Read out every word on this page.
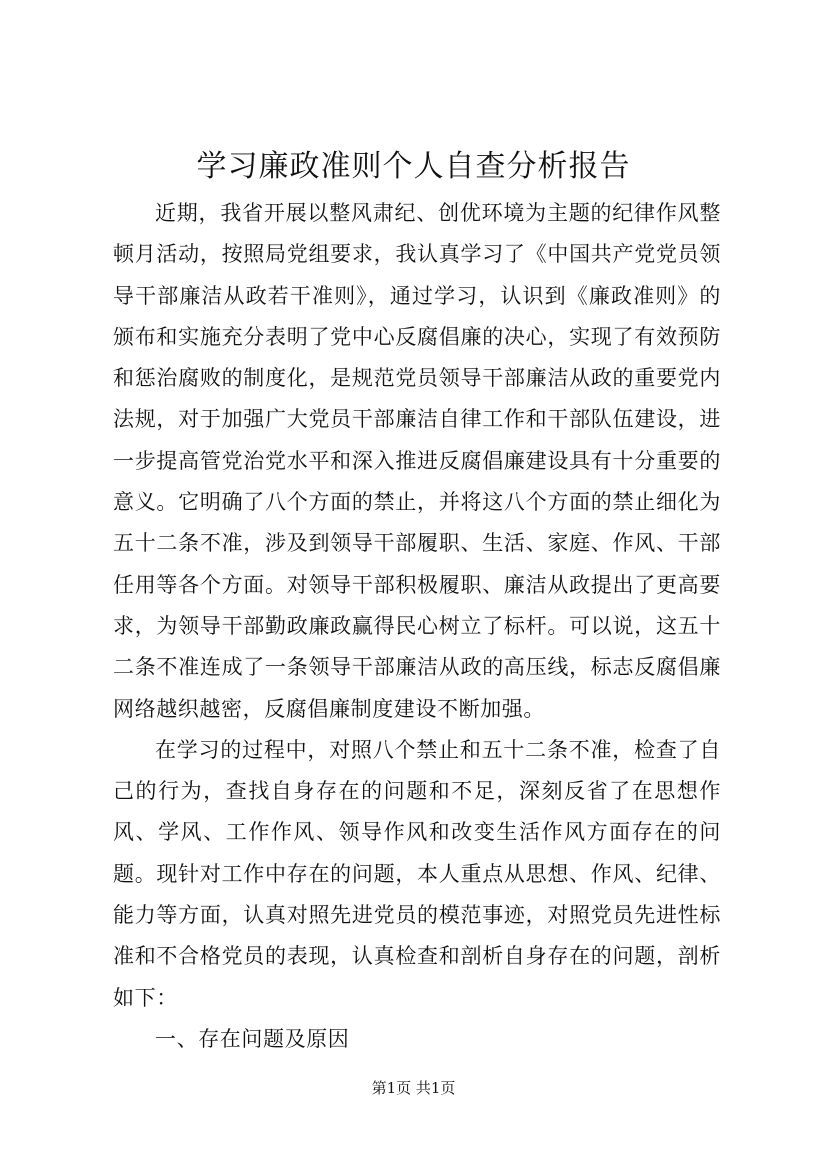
学习廉政准则个人自查分析报告

近期，我省开展以整风肃纪、创优环境为主题的纪律作风整顿月活动，按照局党组要求，我认真学习了《中国共产党党员领导干部廉洁从政若干准则》，通过学习，认识到《廉政准则》的颁布和实施充分表明了党中心反腐倡廉的决心，实现了有效预防和惩治腐败的制度化，是规范党员领导干部廉洁从政的重要党内法规，对于加强广大党员干部廉洁自律工作和干部队伍建设，进一步提高管党治党水平和深入推进反腐倡廉建设具有十分重要的意义。它明确了八个方面的禁止，并将这八个方面的禁止细化为五十二条不准，涉及到领导干部履职、生活、家庭、作风、干部任用等各个方面。对领导干部积极履职、廉洁从政提出了更高要求，为领导干部勤政廉政赢得民心树立了标杆。可以说，这五十二条不准连成了一条领导干部廉洁从政的高压线，标志反腐倡廉网络越织越密，反腐倡廉制度建设不断加强。

在学习的过程中，对照八个禁止和五十二条不准，检查了自己的行为，查找自身存在的问题和不足，深刻反省了在思想作风、学风、工作作风、领导作风和改变生活作风方面存在的问题。现针对工作中存在的问题，本人重点从思想、作风、纪律、能力等方面，认真对照先进党员的模范事迹，对照党员先进性标准和不合格党员的表现，认真检查和剖析自身存在的问题，剖析如下：

一、存在问题及原因

第1页 共1页
